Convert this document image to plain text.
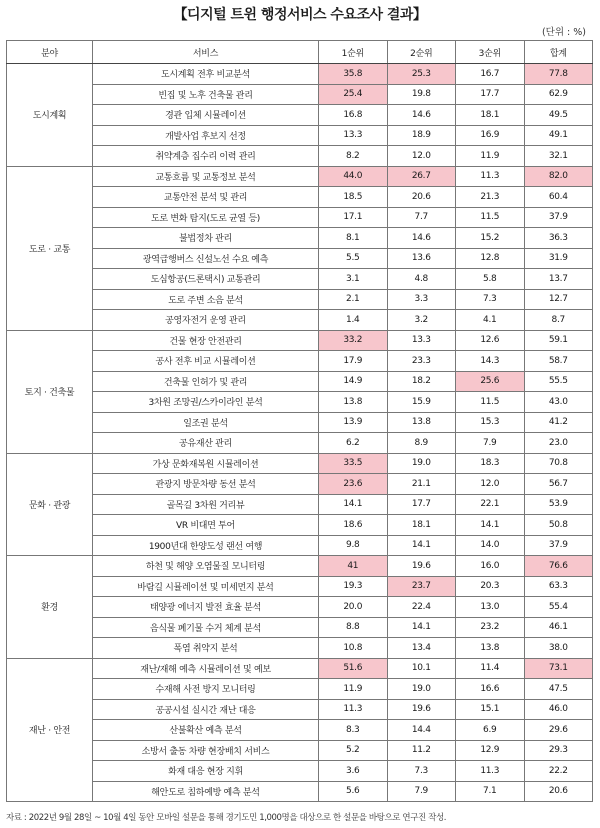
【디지털 트윈 행정서비스 수요조사 결과】
(단위 : %)
분야	서비스	1순위	2순위	3순위	합계
도시계획	도시계획 전후 비교분석	35.8	25.3	16.7	77.8
	빈집 및 노후 건축물 관리	25.4	19.8	17.7	62.9
	경관 입체 시뮬레이션	16.8	14.6	18.1	49.5
	개발사업 후보지 선정	13.3	18.9	16.9	49.1
	취약계층 집수리 이력 관리	8.2	12.0	11.9	32.1
도로 · 교통	교통흐름 및 교통정보 분석	44.0	26.7	11.3	82.0
	교통안전 분석 및 관리	18.5	20.6	21.3	60.4
	도로 변화 탐지(도로 균열 등)	17.1	7.7	11.5	37.9
	불법정차 관리	8.1	14.6	15.2	36.3
	광역급행버스 신설노선 수요 예측	5.5	13.6	12.8	31.9
	도심항공(드론택시) 교통관리	3.1	4.8	5.8	13.7
	도로 주변 소음 분석	2.1	3.3	7.3	12.7
	공영자전거 운영 관리	1.4	3.2	4.1	8.7
토지 · 건축물	건물 현장 안전관리	33.2	13.3	12.6	59.1
	공사 전후 비교 시뮬레이션	17.9	23.3	14.3	58.7
	건축물 인허가 및 관리	14.9	18.2	25.6	55.5
	3차원 조망권/스카이라인 분석	13.8	15.9	11.5	43.0
	일조권 분석	13.9	13.8	15.3	41.2
	공유재산 관리	6.2	8.9	7.9	23.0
문화 · 관광	가상 문화재복원 시뮬레이션	33.5	19.0	18.3	70.8
	관광지 방문차량 동선 분석	23.6	21.1	12.0	56.7
	골목길 3차원 거리뷰	14.1	17.7	22.1	53.9
	VR 비대면 투어	18.6	18.1	14.1	50.8
	1900년대 한양도성 랜선 여행	9.8	14.1	14.0	37.9
환경	하천 및 해양 오염물질 모니터링	41	19.6	16.0	76.6
	바람길 시뮬레이션 및 미세먼지 분석	19.3	23.7	20.3	63.3
	태양광 에너지 발전 효율 분석	20.0	22.4	13.0	55.4
	음식물 폐기물 수거 체계 분석	8.8	14.1	23.2	46.1
	폭염 취약지 분석	10.8	13.4	13.8	38.0
재난 · 안전	재난/재해 예측 시뮬레이션 및 예보	51.6	10.1	11.4	73.1
	수재해 사전 방지 모니터링	11.9	19.0	16.6	47.5
	공공시설 실시간 재난 대응	11.3	19.6	15.1	46.0
	산불확산 예측 분석	8.3	14.4	6.9	29.6
	소방서 출동 차량 현장배치 서비스	5.2	11.2	12.9	29.3
	화재 대응 현장 지휘	3.6	7.3	11.3	22.2
	해안도로 침하예방 예측 분석	5.6	7.9	7.1	20.6
자료 : 2022년 9월 28일 ~ 10월 4일 동안 모바일 설문을 통해 경기도민 1,000명을 대상으로 한 설문을 바탕으로 연구진 작성.
